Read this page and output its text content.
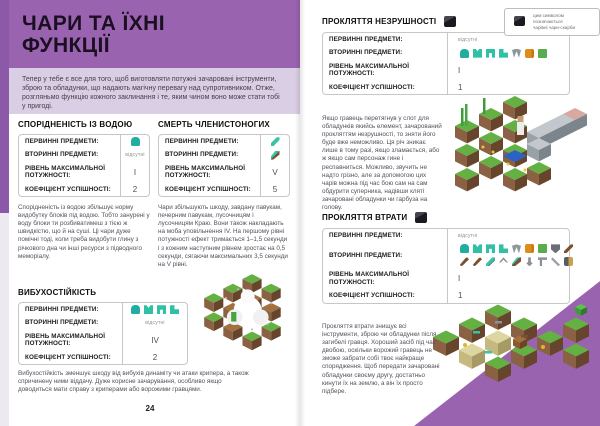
ЧАРИ ТА ЇХНІ
ФУНКЦІЇ
Тепер у тебе є все для того, щоб виготовляти потужні зачаровані інструменти, зброю та обладунки, що надають магічну перевагу над супротивником. Отже, розгляньмо функцію кожного заклинання і те, яким чином воно може стати тобі у пригоді.
СПОРІДНЕНІСТЬ ІЗ ВОДОЮ
ПЕРВИННІ ПРЕДМЕТИ:
ВТОРИННІ ПРЕДМЕТИ:	відсутні
РІВЕНЬ МАКСИМАЛЬНОЇ ПОТУЖНОСТІ:	I
КОЕФІЦІЄНТ УСПІШНОСТІ:	2
Спорідненість із водою збільшує норму видобутку блоків під водою. Тобто занурені у воду блоки ти розбиватимеш з тією ж швидкістю, що й на суші. Ці чари дуже помічні тоді, коли треба видобути глину з річкового дна чи інші ресурси з підводного меморіалу.
СМЕРТЬ ЧЛЕНИСТОНОГИХ
ПЕРВИННІ ПРЕДМЕТИ:
ВТОРИННІ ПРЕДМЕТИ:
РІВЕНЬ МАКСИМАЛЬНОЇ ПОТУЖНОСТІ:	V
КОЕФІЦІЄНТ УСПІШНОСТІ:	5
Чари збільшують шкоду, завдану павукам, печерним павукам, лусочницям і лусочницям Краю. Вони також накладають на моба уповільнення IV. На першому рівні потужності ефект тримається 1–1,5 секунди і з кожним наступним рівнем зростає на 0,5 секунди, сягаючи максимальних 3,5 секунди на V рівні.
ВИБУХОСТІЙКІСТЬ
ПЕРВИННІ ПРЕДМЕТИ:
ВТОРИННІ ПРЕДМЕТИ:	відсутні
РІВЕНЬ МАКСИМАЛЬНОЇ ПОТУЖНОСТІ:	IV
КОЕФІЦІЄНТ УСПІШНОСТІ:	2
Вибухостійкість зменшує шкоду від вибухів динаміту чи атаки крипера, а також спричинену ними віддачу. Дуже корисне зачарування, особливо якщо доводиться мати справу з криперами або ворожими гравцями.
24
цим символом позначаються
чарівні чари-скарби
ПРОКЛЯТТЯ НЕЗРУШНОСТІ
ПЕРВИННІ ПРЕДМЕТИ:	відсутні
ВТОРИННІ ПРЕДМЕТИ:
РІВЕНЬ МАКСИМАЛЬНОЇ ПОТУЖНОСТІ:	I
КОЕФІЦІЄНТ УСПІШНОСТІ:	1
Якщо гравець перетягнув у слот для обладунків якийсь елемент, зачарований прокляттям незрушності, то зняти його буде вже неможливо. Ця річ зникає лише в тому разі, якщо зламається, або ж якщо сам персонаж гине і респавниться. Можливо, звучить не надто грізно, але за допомогою цих чарів можна під час бою сам на сам обдурити суперника, надівши кляті зачаровані обладунки чи гарбуза на голову.
ПРОКЛЯТТЯ ВТРАТИ
ПЕРВИННІ ПРЕДМЕТИ:	відсутні
ВТОРИННІ ПРЕДМЕТИ:
РІВЕНЬ МАКСИМАЛЬНОЇ ПОТУЖНОСТІ:	I
КОЕФІЦІЄНТ УСПІШНОСТІ:	1
Прокляття втрати знищує всі інструменти, зброю чи обладунки після загибелі гравця. Хороший засіб під час двобою, оскільки ворожий гравець не зможе забрати собі твоє найкраще спорядження. Щоб передати зачаровані обладунки своєму другу, достатньо кинути їх на землю, а він їх просто підбере.
